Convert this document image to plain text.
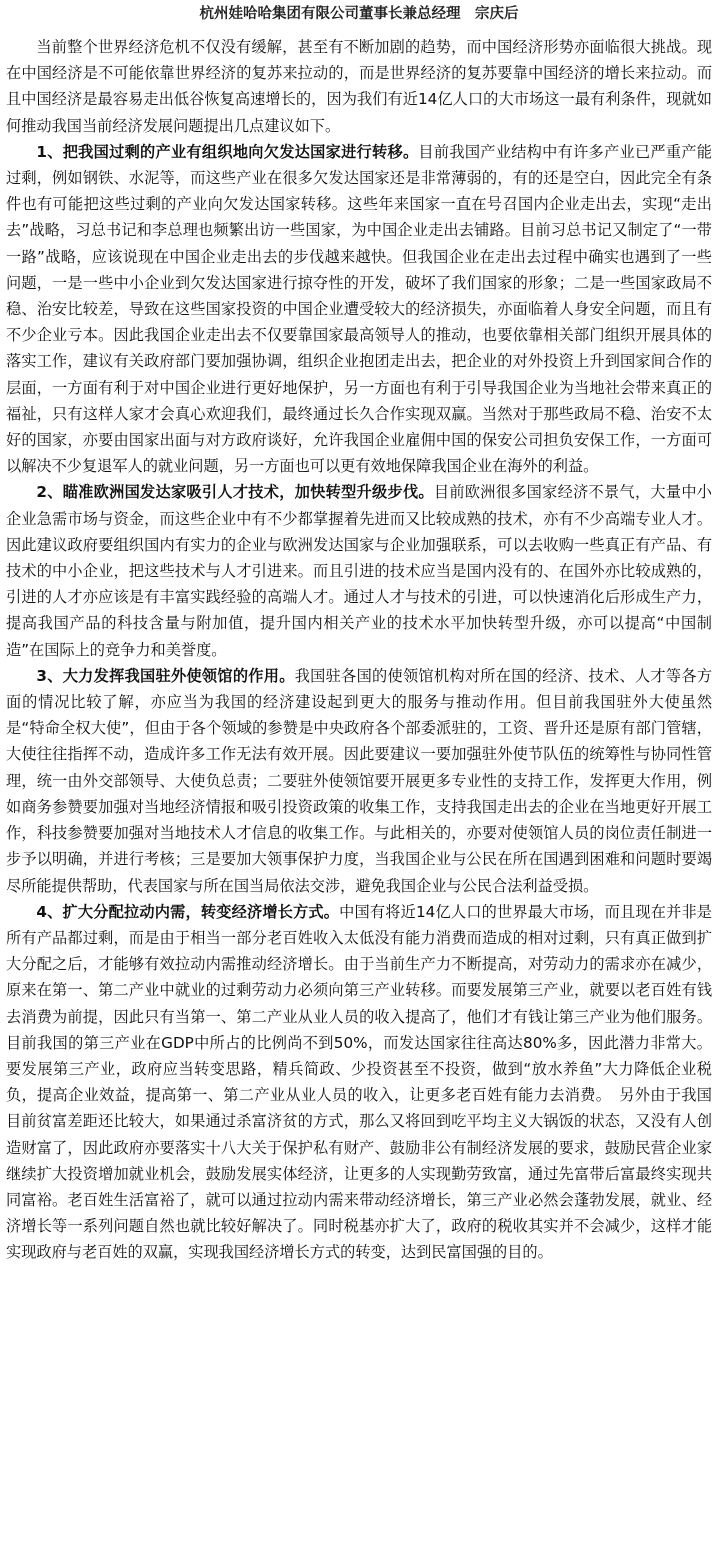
杭州娃哈哈集团有限公司董事长兼总经理　宗庆后

当前整个世界经济危机不仅没有缓解，甚至有不断加剧的趋势，而中国经济形势亦面临很大挑战。现在中国经济是不可能依靠世界经济的复苏来拉动的，而是世界经济的复苏要靠中国经济的增长来拉动。而且中国经济是最容易走出低谷恢复高速增长的，因为我们有近14亿人口的大市场这一最有利条件，现就如何推动我国当前经济发展问题提出几点建议如下。

1、把我国过剩的产业有组织地向欠发达国家进行转移。目前我国产业结构中有许多产业已严重产能过剩，例如钢铁、水泥等，而这些产业在很多欠发达国家还是非常薄弱的，有的还是空白，因此完全有条件也有可能把这些过剩的产业向欠发达国家转移。这些年来国家一直在号召国内企业走出去，实现“走出去”战略，习总书记和李总理也频繁出访一些国家，为中国企业走出去铺路。目前习总书记又制定了“一带一路”战略，应该说现在中国企业走出去的步伐越来越快。但我国企业在走出去过程中确实也遇到了一些问题，一是一些中小企业到欠发达国家进行掠夺性的开发，破坏了我们国家的形象；二是一些国家政局不稳、治安比较差，导致在这些国家投资的中国企业遭受较大的经济损失，亦面临着人身安全问题，而且有不少企业亏本。因此我国企业走出去不仅要靠国家最高领导人的推动，也要依靠相关部门组织开展具体的落实工作，建议有关政府部门要加强协调，组织企业抱团走出去，把企业的对外投资上升到国家间合作的层面，一方面有利于对中国企业进行更好地保护，另一方面也有利于引导我国企业为当地社会带来真正的福祉，只有这样人家才会真心欢迎我们，最终通过长久合作实现双赢。当然对于那些政局不稳、治安不太好的国家，亦要由国家出面与对方政府谈好，允许我国企业雇佣中国的保安公司担负安保工作，一方面可以解决不少复退军人的就业问题，另一方面也可以更有效地保障我国企业在海外的利益。

2、瞄准欧洲国发达家吸引人才技术，加快转型升级步伐。目前欧洲很多国家经济不景气，大量中小企业急需市场与资金，而这些企业中有不少都掌握着先进而又比较成熟的技术，亦有不少高端专业人才。因此建议政府要组织国内有实力的企业与欧洲发达国家与企业加强联系，可以去收购一些真正有产品、有技术的中小企业，把这些技术与人才引进来。而且引进的技术应当是国内没有的、在国外亦比较成熟的，引进的人才亦应该是有丰富实践经验的高端人才。通过人才与技术的引进，可以快速消化后形成生产力，提高我国产品的科技含量与附加值，提升国内相关产业的技术水平加快转型升级，亦可以提高“中国制造”在国际上的竞争力和美誉度。

3、大力发挥我国驻外使领馆的作用。我国驻各国的使领馆机构对所在国的经济、技术、人才等各方面的情况比较了解，亦应当为我国的经济建设起到更大的服务与推动作用。但目前我国驻外大使虽然是“特命全权大使”，但由于各个领域的参赞是中央政府各个部委派驻的，工资、晋升还是原有部门管辖，大使往往指挥不动，造成许多工作无法有效开展。因此要建议一要加强驻外使节队伍的统筹性与协同性管理，统一由外交部领导、大使负总责；二要驻外使领馆要开展更多专业性的支持工作，发挥更大作用，例如商务参赞要加强对当地经济情报和吸引投资政策的收集工作，支持我国走出去的企业在当地更好开展工作，科技参赞要加强对当地技术人才信息的收集工作。与此相关的，亦要对使领馆人员的岗位责任制进一步予以明确，并进行考核；三是要加大领事保护力度，当我国企业与公民在所在国遇到困难和问题时要竭尽所能提供帮助，代表国家与所在国当局依法交涉，避免我国企业与公民合法利益受损。

4、扩大分配拉动内需，转变经济增长方式。中国有将近14亿人口的世界最大市场，而且现在并非是所有产品都过剩，而是由于相当一部分老百姓收入太低没有能力消费而造成的相对过剩，只有真正做到扩大分配之后，才能够有效拉动内需推动经济增长。由于当前生产力不断提高，对劳动力的需求亦在减少，原来在第一、第二产业中就业的过剩劳动力必须向第三产业转移。而要发展第三产业，就要以老百姓有钱去消费为前提，因此只有当第一、第二产业从业人员的收入提高了，他们才有钱让第三产业为他们服务。目前我国的第三产业在GDP中所占的比例尚不到50%，而发达国家往往高达80%多，因此潜力非常大。要发展第三产业，政府应当转变思路，精兵简政、少投资甚至不投资，做到“放水养鱼”大力降低企业税负，提高企业效益，提高第一、第二产业从业人员的收入，让更多老百姓有能力去消费。　另外由于我国目前贫富差距还比较大，如果通过杀富济贫的方式，那么又将回到吃平均主义大锅饭的状态，又没有人创造财富了，因此政府亦要落实十八大关于保护私有财产、鼓励非公有制经济发展的要求，鼓励民营企业家继续扩大投资增加就业机会，鼓励发展实体经济，让更多的人实现勤劳致富，通过先富带后富最终实现共同富裕。老百姓生活富裕了，就可以通过拉动内需来带动经济增长，第三产业必然会蓬勃发展，就业、经济增长等一系列问题自然也就比较好解决了。同时税基亦扩大了，政府的税收其实并不会减少，这样才能实现政府与老百姓的双赢，实现我国经济增长方式的转变，达到民富国强的目的。
